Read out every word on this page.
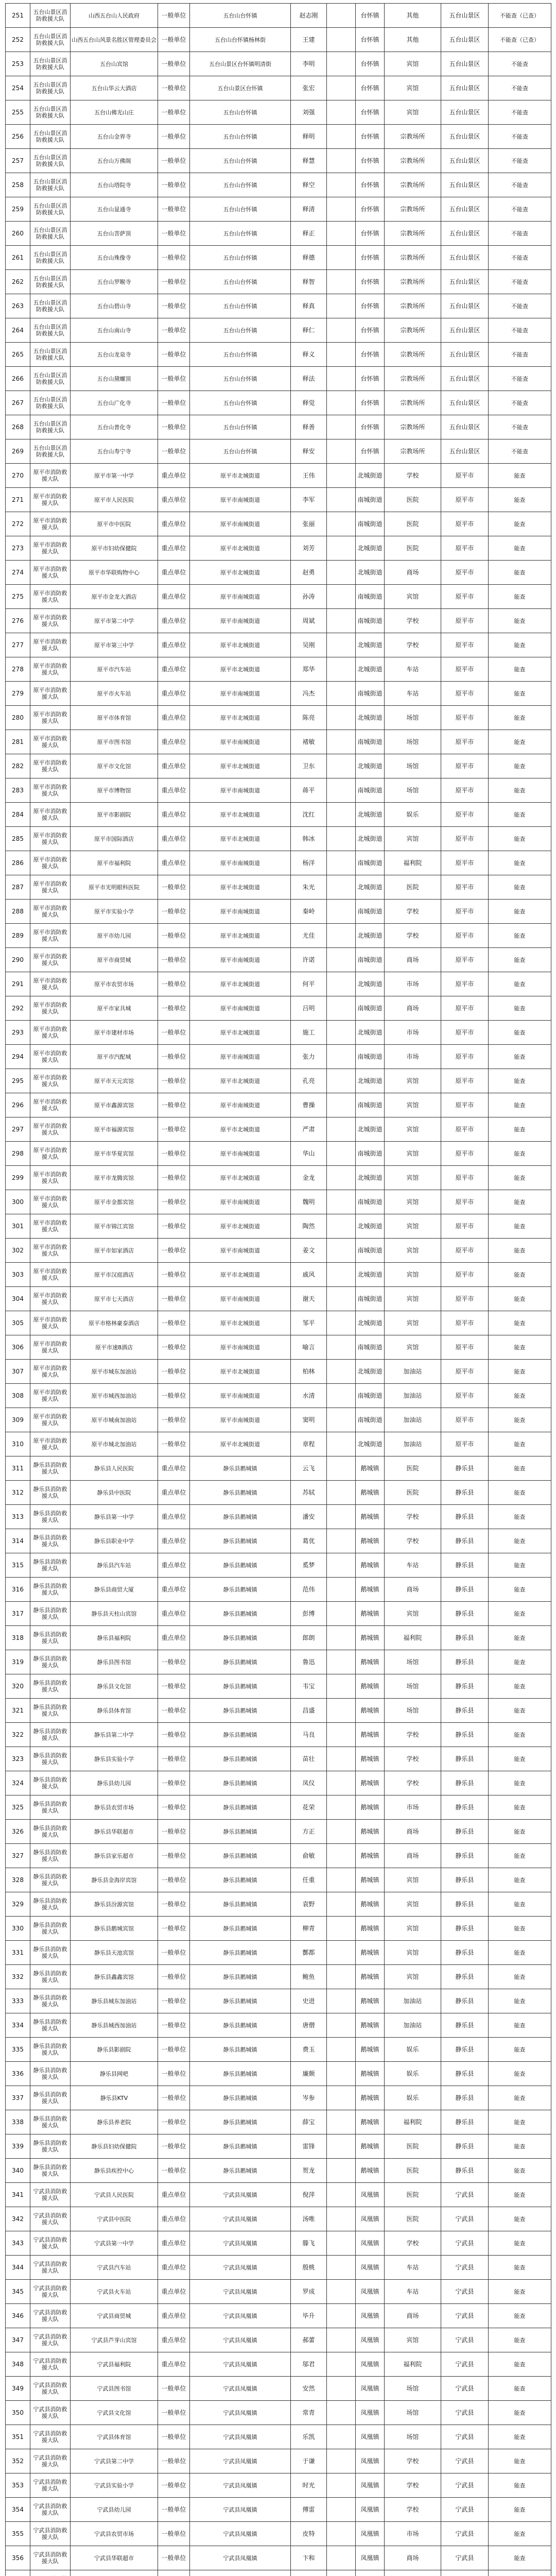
251	五台山景区消防救援大队	山西五台山人民政府	一般单位	五台山台怀镇	赵志刚		台怀镇	其他	五台山景区	不能查（已查）
252	五台山景区消防救援大队	山西五台山风景名胜区管理委员会	一般单位	五台山台怀镇杨林街	王建		台怀镇	其他	五台山景区	不能查（已查）
253	五台山景区消防救援大队	五台山宾馆	一般单位	五台山景区台怀镇明清街	李明		台怀镇	宾馆	五台山景区	不能查
254	五台山景区消防救援大队	五台山华云大酒店	一般单位	五台山景区台怀镇	张宏		台怀镇	宾馆	五台山景区	不能查
255	五台山景区消防救援大队	五台山佛光山庄	一般单位	五台山台怀镇	刘强		台怀镇	宾馆	五台山景区	不能查
256	五台山景区消防救援大队	五台山金界寺	一般单位	五台山台怀镇	释明		台怀镇	宗教场所	五台山景区	不能查
257	五台山景区消防救援大队	五台山万佛阁	一般单位	五台山台怀镇	释慧		台怀镇	宗教场所	五台山景区	不能查
258	五台山景区消防救援大队	五台山塔院寺	一般单位	五台山台怀镇	释空		台怀镇	宗教场所	五台山景区	不能查
259	五台山景区消防救援大队	五台山显通寺	一般单位	五台山台怀镇	释清		台怀镇	宗教场所	五台山景区	不能查
260	五台山景区消防救援大队	五台山菩萨顶	一般单位	五台山台怀镇	释正		台怀镇	宗教场所	五台山景区	不能查
261	五台山景区消防救援大队	五台山殊像寺	一般单位	五台山台怀镇	释德		台怀镇	宗教场所	五台山景区	不能查
262	五台山景区消防救援大队	五台山罗睺寺	一般单位	五台山台怀镇	释智		台怀镇	宗教场所	五台山景区	不能查
263	五台山景区消防救援大队	五台山碧山寺	一般单位	五台山台怀镇	释真		台怀镇	宗教场所	五台山景区	不能查
264	五台山景区消防救援大队	五台山南山寺	一般单位	五台山台怀镇	释仁		台怀镇	宗教场所	五台山景区	不能查
265	五台山景区消防救援大队	五台山龙泉寺	一般单位	五台山台怀镇	释义		台怀镇	宗教场所	五台山景区	不能查
266	五台山景区消防救援大队	五台山黛螺顶	一般单位	五台山台怀镇	释法		台怀镇	宗教场所	五台山景区	不能查
267	五台山景区消防救援大队	五台山广化寺	一般单位	五台山台怀镇	释觉		台怀镇	宗教场所	五台山景区	不能查
268	五台山景区消防救援大队	五台山普化寺	一般单位	五台山台怀镇	释善		台怀镇	宗教场所	五台山景区	不能查
269	五台山景区消防救援大队	五台山寿宁寺	一般单位	五台山台怀镇	释安		台怀镇	宗教场所	五台山景区	不能查
270	原平市消防救援大队	原平市第一中学	重点单位	原平市北城街道	王伟		北城街道	学校	原平市	能查
271	原平市消防救援大队	原平市人民医院	重点单位	原平市南城街道	李军		南城街道	医院	原平市	能查
272	原平市消防救援大队	原平市中医院	重点单位	原平市南城街道	张丽		南城街道	医院	原平市	能查
273	原平市消防救援大队	原平市妇幼保健院	重点单位	原平市北城街道	刘芳		北城街道	医院	原平市	能查
274	原平市消防救援大队	原平市华联购物中心	重点单位	原平市北城街道	赵勇		北城街道	商场	原平市	能查
275	原平市消防救援大队	原平市金龙大酒店	重点单位	原平市南城街道	孙涛		南城街道	宾馆	原平市	能查
276	原平市消防救援大队	原平市第二中学	重点单位	原平市南城街道	周斌		南城街道	学校	原平市	能查
277	原平市消防救援大队	原平市第三中学	重点单位	原平市北城街道	吴刚		北城街道	学校	原平市	能查
278	原平市消防救援大队	原平市汽车站	重点单位	原平市北城街道	郑华		北城街道	车站	原平市	能查
279	原平市消防救援大队	原平市火车站	重点单位	原平市南城街道	冯杰		南城街道	车站	原平市	能查
280	原平市消防救援大队	原平市体育馆	重点单位	原平市北城街道	陈亮		北城街道	场馆	原平市	能查
281	原平市消防救援大队	原平市图书馆	重点单位	原平市南城街道	褚敏		南城街道	场馆	原平市	能查
282	原平市消防救援大队	原平市文化馆	重点单位	原平市北城街道	卫东		北城街道	场馆	原平市	能查
283	原平市消防救援大队	原平市博物馆	重点单位	原平市南城街道	蒋平		南城街道	场馆	原平市	能查
284	原平市消防救援大队	原平市影剧院	重点单位	原平市北城街道	沈红		北城街道	娱乐	原平市	能查
285	原平市消防救援大队	原平市国际酒店	重点单位	原平市北城街道	韩冰		北城街道	宾馆	原平市	能查
286	原平市消防救援大队	原平市福利院	重点单位	原平市南城街道	杨洋		南城街道	福利院	原平市	能查
287	原平市消防救援大队	原平市光明眼科医院	一般单位	原平市北城街道	朱光		北城街道	医院	原平市	能查
288	原平市消防救援大队	原平市实验小学	一般单位	原平市南城街道	秦岭		南城街道	学校	原平市	能查
289	原平市消防救援大队	原平市幼儿园	一般单位	原平市北城街道	尤佳		北城街道	学校	原平市	能查
290	原平市消防救援大队	原平市商贸城	一般单位	原平市南城街道	许诺		南城街道	商场	原平市	能查
291	原平市消防救援大队	原平市农贸市场	一般单位	原平市北城街道	何平		北城街道	市场	原平市	能查
292	原平市消防救援大队	原平市家具城	一般单位	原平市南城街道	吕明		南城街道	商场	原平市	能查
293	原平市消防救援大队	原平市建材市场	一般单位	原平市北城街道	施工		北城街道	市场	原平市	能查
294	原平市消防救援大队	原平市汽配城	一般单位	原平市南城街道	张力		南城街道	市场	原平市	能查
295	原平市消防救援大队	原平市天元宾馆	一般单位	原平市北城街道	孔亮		北城街道	宾馆	原平市	能查
296	原平市消防救援大队	原平市鑫源宾馆	一般单位	原平市南城街道	曹操		南城街道	宾馆	原平市	能查
297	原平市消防救援大队	原平市福源宾馆	一般单位	原平市北城街道	严肃		北城街道	宾馆	原平市	能查
298	原平市消防救援大队	原平市华夏宾馆	一般单位	原平市南城街道	华山		南城街道	宾馆	原平市	能查
299	原平市消防救援大队	原平市龙腾宾馆	一般单位	原平市北城街道	金龙		北城街道	宾馆	原平市	能查
300	原平市消防救援大队	原平市金都宾馆	一般单位	原平市南城街道	魏明		南城街道	宾馆	原平市	能查
301	原平市消防救援大队	原平市锦江宾馆	一般单位	原平市北城街道	陶然		北城街道	宾馆	原平市	能查
302	原平市消防救援大队	原平市如家酒店	一般单位	原平市南城街道	姜文		南城街道	宾馆	原平市	能查
303	原平市消防救援大队	原平市汉庭酒店	一般单位	原平市北城街道	戚风		北城街道	宾馆	原平市	能查
304	原平市消防救援大队	原平市七天酒店	一般单位	原平市南城街道	谢天		南城街道	宾馆	原平市	能查
305	原平市消防救援大队	原平市格林豪泰酒店	一般单位	原平市北城街道	邹平		北城街道	宾馆	原平市	能查
306	原平市消防救援大队	原平市速8酒店	一般单位	原平市南城街道	喻言		南城街道	宾馆	原平市	能查
307	原平市消防救援大队	原平市城东加油站	一般单位	原平市北城街道	柏林		北城街道	加油站	原平市	能查
308	原平市消防救援大队	原平市城西加油站	一般单位	原平市南城街道	水清		南城街道	加油站	原平市	能查
309	原平市消防救援大队	原平市城南加油站	一般单位	原平市南城街道	窦明		南城街道	加油站	原平市	能查
310	原平市消防救援大队	原平市城北加油站	一般单位	原平市北城街道	章程		北城街道	加油站	原平市	能查
311	静乐县消防救援大队	静乐县人民医院	重点单位	静乐县鹅城镇	云飞		鹅城镇	医院	静乐县	能查
312	静乐县消防救援大队	静乐县中医院	重点单位	静乐县鹅城镇	苏轼		鹅城镇	医院	静乐县	能查
313	静乐县消防救援大队	静乐县第一中学	重点单位	静乐县鹅城镇	潘安		鹅城镇	学校	静乐县	能查
314	静乐县消防救援大队	静乐县职业中学	重点单位	静乐县鹅城镇	葛优		鹅城镇	学校	静乐县	能查
315	静乐县消防救援大队	静乐县汽车站	重点单位	静乐县鹅城镇	奚梦		鹅城镇	车站	静乐县	能查
316	静乐县消防救援大队	静乐县商贸大厦	重点单位	静乐县鹅城镇	范伟		鹅城镇	商场	静乐县	能查
317	静乐县消防救援大队	静乐县天柱山宾馆	重点单位	静乐县鹅城镇	彭博		鹅城镇	宾馆	静乐县	能查
318	静乐县消防救援大队	静乐县福利院	重点单位	静乐县鹅城镇	郎朗		鹅城镇	福利院	静乐县	能查
319	静乐县消防救援大队	静乐县图书馆	一般单位	静乐县鹅城镇	鲁迅		鹅城镇	场馆	静乐县	能查
320	静乐县消防救援大队	静乐县文化馆	一般单位	静乐县鹅城镇	韦宝		鹅城镇	场馆	静乐县	能查
321	静乐县消防救援大队	静乐县体育馆	一般单位	静乐县鹅城镇	昌盛		鹅城镇	场馆	静乐县	能查
322	静乐县消防救援大队	静乐县第二中学	一般单位	静乐县鹅城镇	马良		鹅城镇	学校	静乐县	能查
323	静乐县消防救援大队	静乐县实验小学	一般单位	静乐县鹅城镇	苗壮		鹅城镇	学校	静乐县	能查
324	静乐县消防救援大队	静乐县幼儿园	一般单位	静乐县鹅城镇	凤仪		鹅城镇	学校	静乐县	能查
325	静乐县消防救援大队	静乐县农贸市场	一般单位	静乐县鹅城镇	花荣		鹅城镇	市场	静乐县	能查
326	静乐县消防救援大队	静乐县华联超市	一般单位	静乐县鹅城镇	方正		鹅城镇	商场	静乐县	能查
327	静乐县消防救援大队	静乐县家乐超市	一般单位	静乐县鹅城镇	俞敏		鹅城镇	商场	静乐县	能查
328	静乐县消防救援大队	静乐县金海岸宾馆	一般单位	静乐县鹅城镇	任重		鹅城镇	宾馆	静乐县	能查
329	静乐县消防救援大队	静乐县汾源宾馆	一般单位	静乐县鹅城镇	袁野		鹅城镇	宾馆	静乐县	能查
330	静乐县消防救援大队	静乐县鹅城宾馆	一般单位	静乐县鹅城镇	柳青		鹅城镇	宾馆	静乐县	能查
331	静乐县消防救援大队	静乐县天池宾馆	一般单位	静乐县鹅城镇	酆都		鹅城镇	宾馆	静乐县	能查
332	静乐县消防救援大队	静乐县鑫鑫宾馆	一般单位	静乐县鹅城镇	鲍鱼		鹅城镇	宾馆	静乐县	能查
333	静乐县消防救援大队	静乐县城东加油站	一般单位	静乐县鹅城镇	史进		鹅城镇	加油站	静乐县	能查
334	静乐县消防救援大队	静乐县城西加油站	一般单位	静乐县鹅城镇	唐僧		鹅城镇	加油站	静乐县	能查
335	静乐县消防救援大队	静乐县影剧院	一般单位	静乐县鹅城镇	费玉		鹅城镇	娱乐	静乐县	能查
336	静乐县消防救援大队	静乐县网吧	一般单位	静乐县鹅城镇	廉颇		鹅城镇	娱乐	静乐县	能查
337	静乐县消防救援大队	静乐县KTV	一般单位	静乐县鹅城镇	岑参		鹅城镇	娱乐	静乐县	能查
338	静乐县消防救援大队	静乐县养老院	一般单位	静乐县鹅城镇	薛宝		鹅城镇	福利院	静乐县	能查
339	静乐县消防救援大队	静乐县妇幼保健院	一般单位	静乐县鹅城镇	雷锋		鹅城镇	医院	静乐县	能查
340	静乐县消防救援大队	静乐县疾控中心	一般单位	静乐县鹅城镇	贺龙		鹅城镇	医院	静乐县	能查
341	宁武县消防救援大队	宁武县人民医院	重点单位	宁武县凤凰镇	倪萍		凤凰镇	医院	宁武县	能查
342	宁武县消防救援大队	宁武县中医院	重点单位	宁武县凤凰镇	汤唯		凤凰镇	医院	宁武县	能查
343	宁武县消防救援大队	宁武县第一中学	重点单位	宁武县凤凰镇	滕飞		凤凰镇	学校	宁武县	能查
344	宁武县消防救援大队	宁武县汽车站	重点单位	宁武县凤凰镇	殷桃		凤凰镇	车站	宁武县	能查
345	宁武县消防救援大队	宁武县火车站	重点单位	宁武县凤凰镇	罗成		凤凰镇	车站	宁武县	能查
346	宁武县消防救援大队	宁武县商贸城	重点单位	宁武县凤凰镇	毕升		凤凰镇	商场	宁武县	能查
347	宁武县消防救援大队	宁武县芦芽山宾馆	重点单位	宁武县凤凰镇	郝蕾		凤凰镇	宾馆	宁武县	能查
348	宁武县消防救援大队	宁武县福利院	重点单位	宁武县凤凰镇	邬君		凤凰镇	福利院	宁武县	能查
349	宁武县消防救援大队	宁武县图书馆	一般单位	宁武县凤凰镇	安然		凤凰镇	场馆	宁武县	能查
350	宁武县消防救援大队	宁武县文化馆	一般单位	宁武县凤凰镇	常青		凤凰镇	场馆	宁武县	能查
351	宁武县消防救援大队	宁武县体育馆	一般单位	宁武县凤凰镇	乐凯		凤凰镇	场馆	宁武县	能查
352	宁武县消防救援大队	宁武县第二中学	一般单位	宁武县凤凰镇	于谦		凤凰镇	学校	宁武县	能查
353	宁武县消防救援大队	宁武县实验小学	一般单位	宁武县凤凰镇	时光		凤凰镇	学校	宁武县	能查
354	宁武县消防救援大队	宁武县幼儿园	一般单位	宁武县凤凰镇	傅雷		凤凰镇	学校	宁武县	能查
355	宁武县消防救援大队	宁武县农贸市场	一般单位	宁武县凤凰镇	皮特		凤凰镇	市场	宁武县	能查
356	宁武县消防救援大队	宁武县华联超市	一般单位	宁武县凤凰镇	卞和		凤凰镇	商场	宁武县	能查
